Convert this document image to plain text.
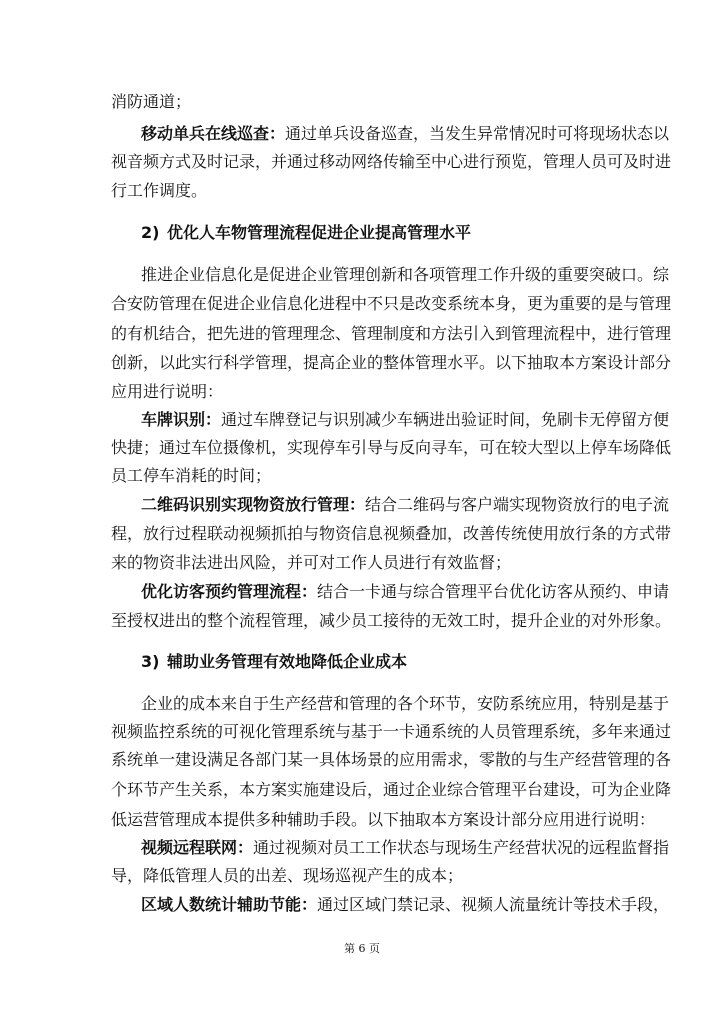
消防通道；
移动单兵在线巡查：通过单兵设备巡查，当发生异常情况时可将现场状态以
视音频方式及时记录，并通过移动网络传输至中心进行预览，管理人员可及时进
行工作调度。
2) 优化人车物管理流程促进企业提高管理水平
推进企业信息化是促进企业管理创新和各项管理工作升级的重要突破口。综
合安防管理在促进企业信息化进程中不只是改变系统本身，更为重要的是与管理
的有机结合，把先进的管理理念、管理制度和方法引入到管理流程中，进行管理
创新，以此实行科学管理，提高企业的整体管理水平。以下抽取本方案设计部分
应用进行说明：
车牌识别：通过车牌登记与识别减少车辆进出验证时间，免刷卡无停留方便
快捷；通过车位摄像机，实现停车引导与反向寻车，可在较大型以上停车场降低
员工停车消耗的时间；
二维码识别实现物资放行管理：结合二维码与客户端实现物资放行的电子流
程，放行过程联动视频抓拍与物资信息视频叠加，改善传统使用放行条的方式带
来的物资非法进出风险，并可对工作人员进行有效监督；
优化访客预约管理流程：结合一卡通与综合管理平台优化访客从预约、申请
至授权进出的整个流程管理，减少员工接待的无效工时，提升企业的对外形象。
3) 辅助业务管理有效地降低企业成本
企业的成本来自于生产经营和管理的各个环节，安防系统应用，特别是基于
视频监控系统的可视化管理系统与基于一卡通系统的人员管理系统，多年来通过
系统单一建设满足各部门某一具体场景的应用需求，零散的与生产经营管理的各
个环节产生关系，本方案实施建设后，通过企业综合管理平台建设，可为企业降
低运营管理成本提供多种辅助手段。以下抽取本方案设计部分应用进行说明：
视频远程联网：通过视频对员工工作状态与现场生产经营状况的远程监督指
导，降低管理人员的出差、现场巡视产生的成本；
区域人数统计辅助节能：通过区域门禁记录、视频人流量统计等技术手段，
第 6 页
